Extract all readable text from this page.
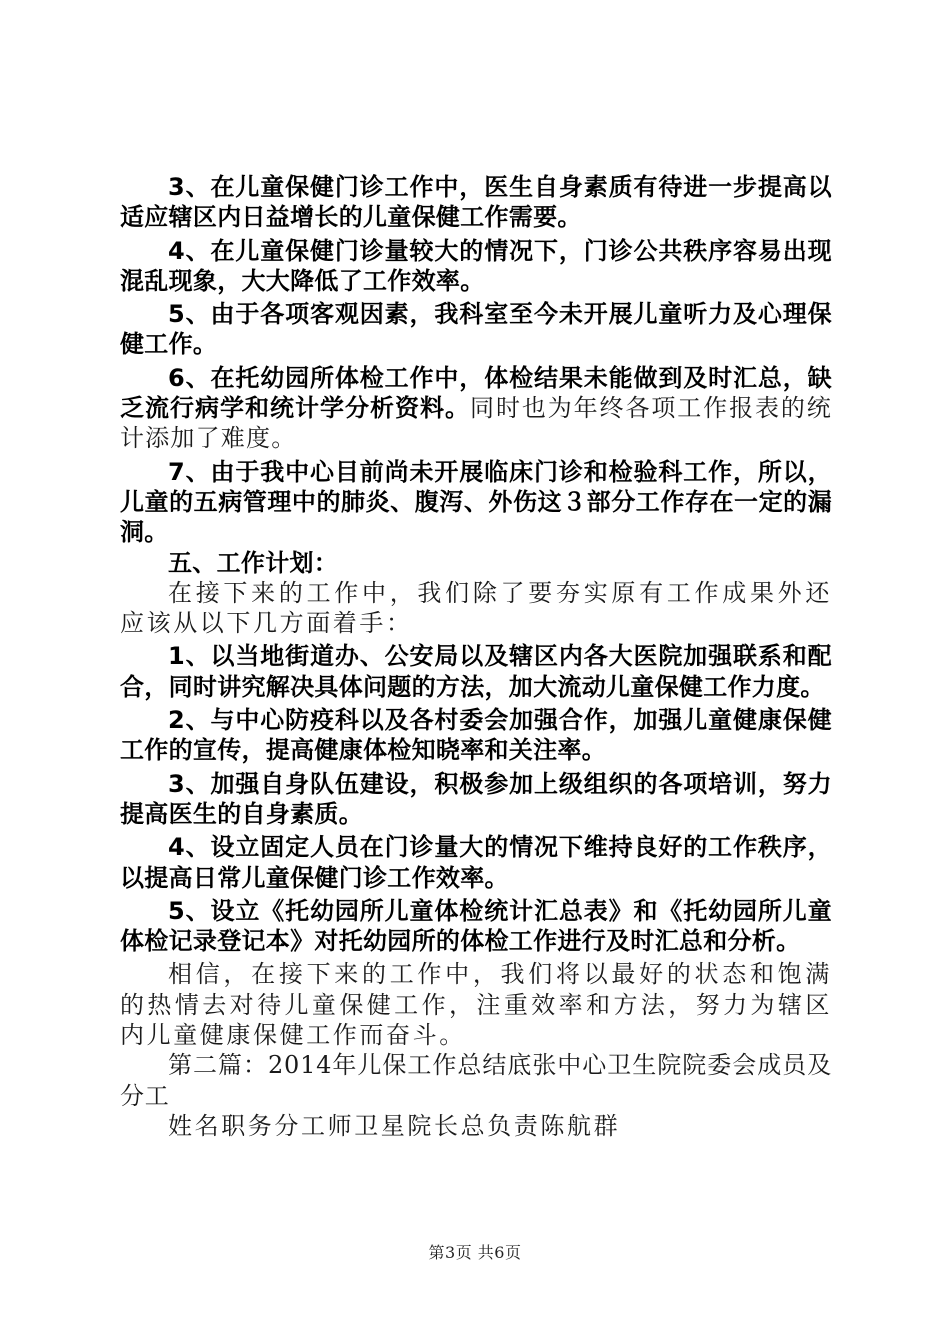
3、在儿童保健门诊工作中，医生自身素质有待进一步提高以适应辖区内日益增长的儿童保健工作需要。

4、在儿童保健门诊量较大的情况下，门诊公共秩序容易出现混乱现象，大大降低了工作效率。

5、由于各项客观因素，我科室至今未开展儿童听力及心理保健工作。

6、在托幼园所体检工作中，体检结果未能做到及时汇总，缺乏流行病学和统计学分析资料。同时也为年终各项工作报表的统计添加了难度。

7、由于我中心目前尚未开展临床门诊和检验科工作，所以，儿童的五病管理中的肺炎、腹泻、外伤这３部分工作存在一定的漏洞。

五、工作计划：

在接下来的工作中，我们除了要夯实原有工作成果外还应该从以下几方面着手：

1、以当地街道办、公安局以及辖区内各大医院加强联系和配合，同时讲究解决具体问题的方法，加大流动儿童保健工作力度。

2、与中心防疫科以及各村委会加强合作，加强儿童健康保健工作的宣传，提高健康体检知晓率和关注率。

3、加强自身队伍建设，积极参加上级组织的各项培训，努力提高医生的自身素质。

4、设立固定人员在门诊量大的情况下维持良好的工作秩序，以提高日常儿童保健门诊工作效率。

5、设立《托幼园所儿童体检统计汇总表》和《托幼园所儿童体检记录登记本》对托幼园所的体检工作进行及时汇总和分析。

相信，在接下来的工作中，我们将以最好的状态和饱满的热情去对待儿童保健工作，注重效率和方法，努力为辖区内儿童健康保健工作而奋斗。

第二篇：2014年儿保工作总结底张中心卫生院院委会成员及分工

姓名职务分工师卫星院长总负责陈航群

第3页 共6页
